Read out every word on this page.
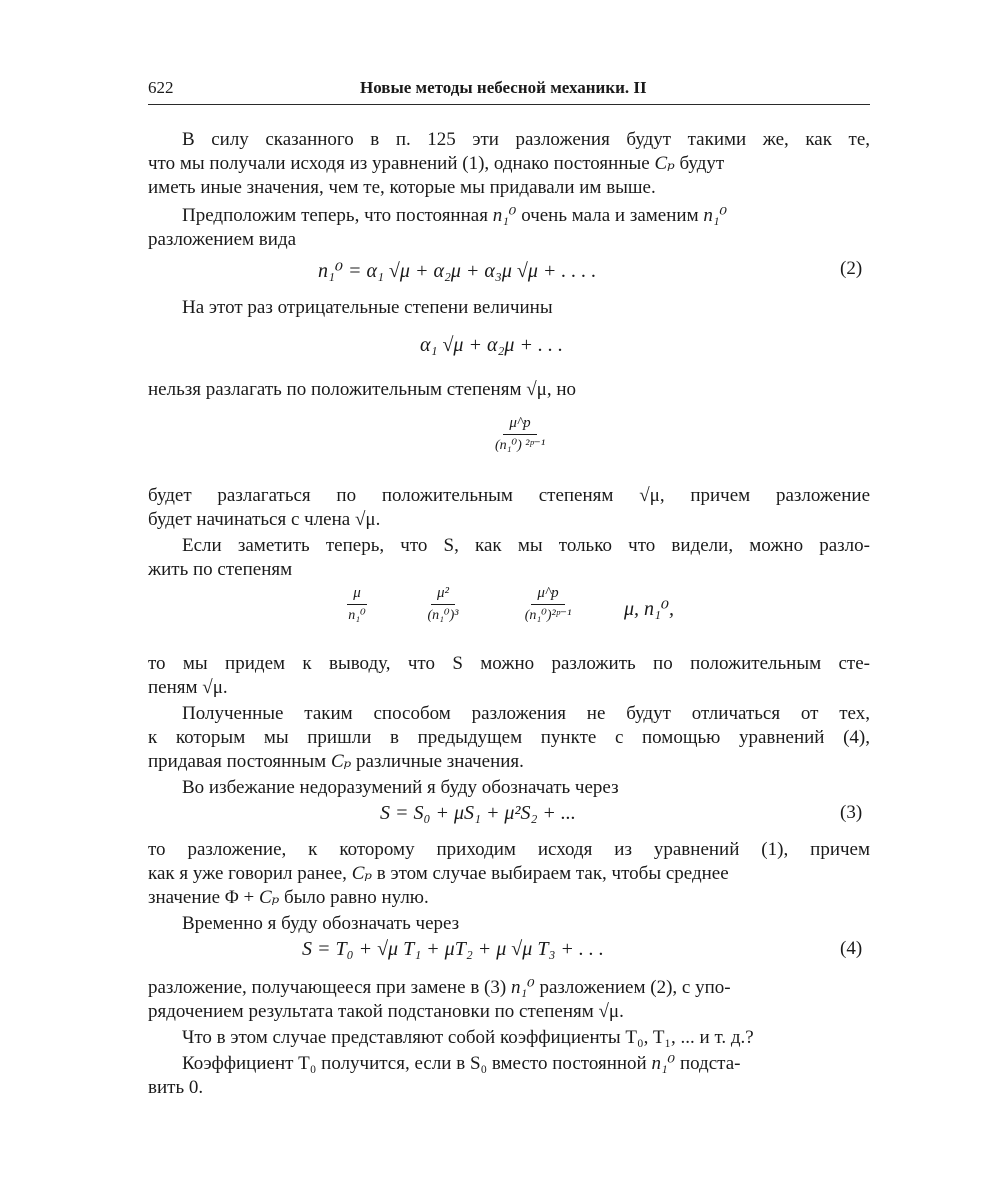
622	Новые методы небесной механики. II
В силу сказанного в п. 125 эти разложения будут такими же, как те,
что мы получали исходя из уравнений (1), однако постоянные Cₚ будут
иметь иные значения, чем те, которые мы придавали им выше.
Предположим теперь, что постоянная n₁⁰ очень мала и заменим n₁⁰
разложением вида
n₁⁰ = α₁ √μ + α₂μ + α₃μ √μ + . . . .	(2)
На этот раз отрицательные степени величины
α₁ √μ + α₂μ + . . .
нельзя разлагать по положительным степеням √μ, но
$\frac{\mu\^{}p}{\text{(n₁⁰) ²ᵖ⁻¹}}$
будет разлагаться по положительным степеням √μ, причем разложение
будет начинаться с члена √μ.
Если заметить теперь, что S, как мы только что видели, можно разло-
жить по степеням
$\frac{\mu}{\text{n₁⁰}} \frac{\text{μ²}}{\text{(n₁⁰)³}} \frac{\mu\^{}p}{\text{(n₁⁰)²ᵖ⁻¹}} \mu$, n₁⁰,
то мы придем к выводу, что S можно разложить по положительным сте-
пеням √μ.
Полученные таким способом разложения не будут отличаться от тех,
к которым мы пришли в предыдущем пункте с помощью уравнений (4),
придавая постоянным Cₚ различные значения.
Во избежание недоразумений я буду обозначать через
S = S₀ + μS₁ + μ²S₂ + ...	(3)
то разложение, к которому приходим исходя из уравнений (1), причем
как я уже говорил ранее, Cₚ в этом случае выбираем так, чтобы среднее
значение Φ + Cₚ было равно нулю.
Временно я буду обозначать через
S = T₀ + √μ T₁ + μT₂ + μ √μ T₃ + . . .	(4)
разложение, получающееся при замене в (3) n₁⁰ разложением (2), с упо-
рядочением результата такой подстановки по степеням √μ.
Что в этом случае представляют собой коэффициенты T₀, T₁, ... и т. д.?
Коэффициент T₀ получится, если в S₀ вместо постоянной n₁⁰ подста-
вить 0.
